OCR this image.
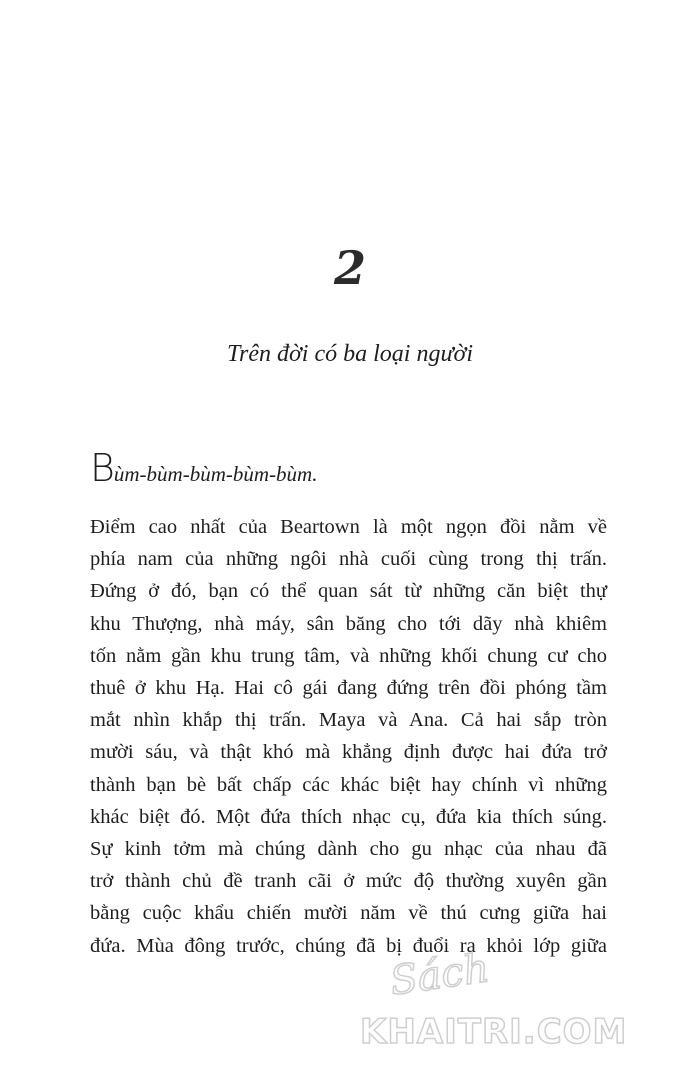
2
Trên đời có ba loại người
Bùm-bùm-bùm-bùm-bùm.
Điểm cao nhất của Beartown là một ngọn đồi nằm về
phía nam của những ngôi nhà cuối cùng trong thị trấn.
Đứng ở đó, bạn có thể quan sát từ những căn biệt thự
khu Thượng, nhà máy, sân băng cho tới dãy nhà khiêm
tốn nằm gần khu trung tâm, và những khối chung cư cho
thuê ở khu Hạ. Hai cô gái đang đứng trên đồi phóng tầm
mắt nhìn khắp thị trấn. Maya và Ana. Cả hai sắp tròn
mười sáu, và thật khó mà khẳng định được hai đứa trở
thành bạn bè bất chấp các khác biệt hay chính vì những
khác biệt đó. Một đứa thích nhạc cụ, đứa kia thích súng.
Sự kinh tởm mà chúng dành cho gu nhạc của nhau đã
trở thành chủ đề tranh cãi ở mức độ thường xuyên gần
bằng cuộc khẩu chiến mười năm về thú cưng giữa hai
đứa. Mùa đông trước, chúng đã bị đuổi ra khỏi lớp giữa
Sách
KHAITRI.COM
